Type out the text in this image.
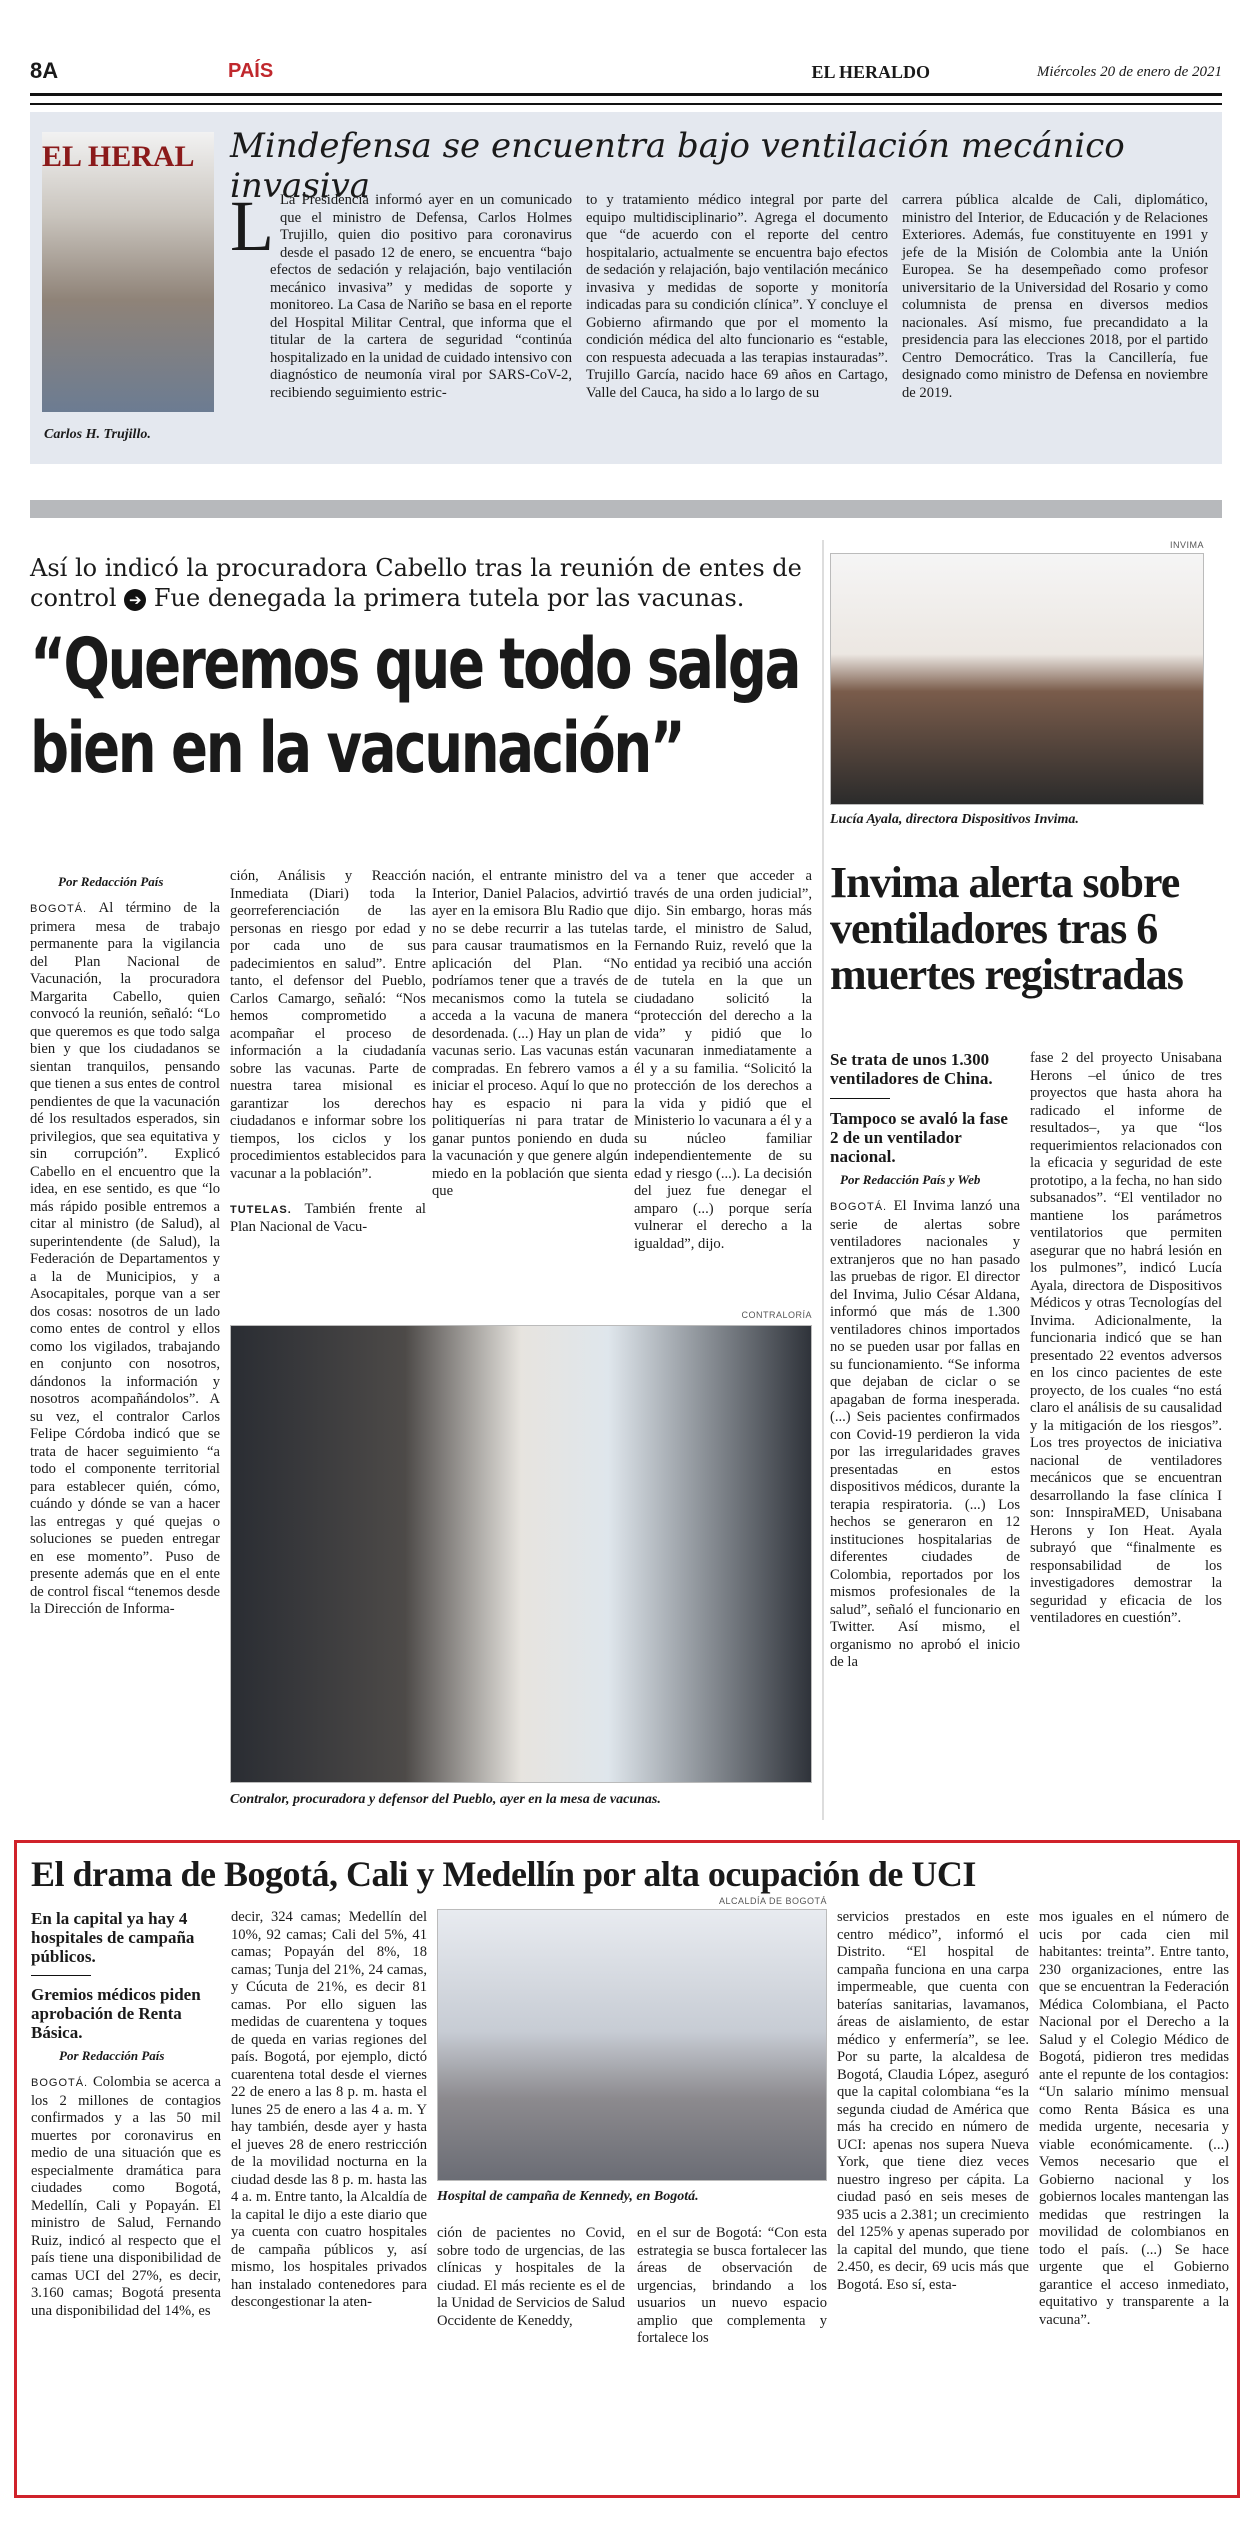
8A	PAÍS	EL HERALDO	Miércoles 20 de enero de 2021
EL HERAL
Carlos H. Trujillo.
Mindefensa se encuentra bajo ventilación mecánico invasiva
L La Presidencia informó ayer en un comunicado que el ministro de Defensa, Carlos Holmes Trujillo, quien dio positivo para coronavirus desde el pasado 12 de enero, se encuentra “bajo efectos de sedación y relajación, bajo ventilación mecánico invasiva” y medidas de soporte y monitoreo. La Casa de Nariño se basa en el reporte del Hospital Militar Central, que informa que el titular de la cartera de seguridad “continúa hospitalizado en la unidad de cuidado intensivo con diagnóstico de neumonía viral por SARS-CoV-2, recibiendo seguimiento estric-
to y tratamiento médico integral por parte del equipo multidisciplinario”. Agrega el documento que “de acuerdo con el reporte del centro hospitalario, actualmente se encuentra bajo efectos de sedación y relajación, bajo ventilación mecánico invasiva y medidas de soporte y monitoría indicadas para su condición clínica”. Y concluye el Gobierno afirmando que por el momento la condición médica del alto funcionario es “estable, con respuesta adecuada a las terapias instauradas”. Trujillo García, nacido hace 69 años en Cartago, Valle del Cauca, ha sido a lo largo de su
carrera pública alcalde de Cali, diplomático, ministro del Interior, de Educación y de Relaciones Exteriores. Además, fue constituyente en 1991 y jefe de la Misión de Colombia ante la Unión Europea. Se ha desempeñado como profesor universitario de la Universidad del Rosario y como columnista de prensa en diversos medios nacionales. Así mismo, fue precandidato a la presidencia para las elecciones 2018, por el partido Centro Democrático. Tras la Cancillería, fue designado como ministro de Defensa en noviembre de 2019.
Así lo indicó la procuradora Cabello tras la reunión de entes de
control ➔ Fue denegada la primera tutela por las vacunas.
“Queremos que todo salga bien en la vacunación”
Por Redacción País
BOGOTÁ. Al término de la primera mesa de trabajo permanente para la vigilancia del Plan Nacional de Vacunación, la procuradora Margarita Cabello, quien convocó la reunión, señaló: “Lo que queremos es que todo salga bien y que los ciudadanos se sientan tranquilos, pensando que tienen a sus entes de control pendientes de que la vacunación dé los resultados esperados, sin privilegios, que sea equitativa y sin corrupción”. Explicó Cabello en el encuentro que la idea, en ese sentido, es que “lo más rápido posible entremos a citar al ministro (de Salud), al superintendente (de Salud), la Federación de Departamentos y a la de Municipios, y a Asocapitales, porque van a ser dos cosas: nosotros de un lado como entes de control y ellos como los vigilados, trabajando en conjunto con nosotros, dándonos la información y nosotros acompañándolos”. A su vez, el contralor Carlos Felipe Córdoba indicó que se trata de hacer seguimiento “a todo el componente territorial para establecer quién, cómo, cuándo y dónde se van a hacer las entregas y qué quejas o soluciones se pueden entregar en ese momento”. Puso de presente además que en el ente de control fiscal “tenemos desde la Dirección de Informa-
ción, Análisis y Reacción Inmediata (Diari) toda la georreferenciación de las personas en riesgo por edad y por cada uno de sus padecimientos en salud”. Entre tanto, el defensor del Pueblo, Carlos Camargo, señaló: “Nos hemos comprometido a acompañar el proceso de información a la ciudadanía sobre las vacunas. Parte de nuestra tarea misional es garantizar los derechos ciudadanos e informar sobre los tiempos, los ciclos y los procedimientos establecidos para vacunar a la población”.

TUTELAS. También frente al Plan Nacional de Vacu-
nación, el entrante ministro del Interior, Daniel Palacios, advirtió ayer en la emisora Blu Radio que no se debe recurrir a las tutelas para causar traumatismos en la aplicación del Plan. “No podríamos tener que a través de mecanismos como la tutela se acceda a la vacuna de manera desordenada. (...) Hay un plan de vacunas serio. Las vacunas están compradas. En febrero vamos a iniciar el proceso. Aquí lo que no hay es espacio ni para politiquerías ni para tratar de ganar puntos poniendo en duda la vacunación y que genere algún miedo en la población que sienta que
va a tener que acceder a través de una orden judicial”, dijo. Sin embargo, horas más tarde, el ministro de Salud, Fernando Ruiz, reveló que la entidad ya recibió una acción de tutela en la que un ciudadano solicitó la “protección del derecho a la vida” y pidió que lo vacunaran inmediatamente a él y a su familia. “Solicitó la protección de los derechos a la vida y pidió que el Ministerio lo vacunara a él y a su núcleo familiar independientemente de su edad y riesgo (...). La decisión del juez fue denegar el amparo (...) porque sería vulnerar el derecho a la igualdad”, dijo.
CONTRALORÍA
Contralor, procuradora y defensor del Pueblo, ayer en la mesa de vacunas.
INVIMA
Lucía Ayala, directora Dispositivos Invima.
Invima alerta sobre ventiladores tras 6 muertes registradas
Se trata de unos 1.300 ventiladores de China.
Tampoco se avaló la fase 2 de un ventilador nacional.
Por Redacción País y Web
BOGOTÁ. El Invima lanzó una serie de alertas sobre ventiladores nacionales y extranjeros que no han pasado las pruebas de rigor. El director del Invima, Julio César Aldana, informó que más de 1.300 ventiladores chinos importados no se pueden usar por fallas en su funcionamiento. “Se informa que dejaban de ciclar o se apagaban de forma inesperada. (...) Seis pacientes confirmados con Covid-19 perdieron la vida por las irregularidades graves presentadas en estos dispositivos médicos, durante la terapia respiratoria. (...) Los hechos se generaron en 12 instituciones hospitalarias de diferentes ciudades de Colombia, reportados por los mismos profesionales de la salud”, señaló el funcionario en Twitter. Así mismo, el organismo no aprobó el inicio de la
fase 2 del proyecto Unisabana Herons –el único de tres proyectos que hasta ahora ha radicado el informe de resultados–, ya que “los requerimientos relacionados con la eficacia y seguridad de este prototipo, a la fecha, no han sido subsanados”. “El ventilador no mantiene los parámetros ventilatorios que permiten asegurar que no habrá lesión en los pulmones”, indicó Lucía Ayala, directora de Dispositivos Médicos y otras Tecnologías del Invima. Adicionalmente, la funcionaria indicó que se han presentado 22 eventos adversos en los cinco pacientes de este proyecto, de los cuales “no está claro el análisis de su causalidad y la mitigación de los riesgos”. Los tres proyectos de iniciativa nacional de ventiladores mecánicos que se encuentran desarrollando la fase clínica I son: InnspiraMED, Unisabana Herons y Ion Heat. Ayala subrayó que “finalmente es responsabilidad de los investigadores demostrar la seguridad y eficacia de los ventiladores en cuestión”.
El drama de Bogotá, Cali y Medellín por alta ocupación de UCI
En la capital ya hay 4 hospitales de campaña públicos.
Gremios médicos piden aprobación de Renta Básica.
Por Redacción País
BOGOTÁ. Colombia se acerca a los 2 millones de contagios confirmados y a las 50 mil muertes por coronavirus en medio de una situación que es especialmente dramática para ciudades como Bogotá, Medellín, Cali y Popayán. El ministro de Salud, Fernando Ruiz, indicó al respecto que el país tiene una disponibilidad de camas UCI del 27%, es decir, 3.160 camas; Bogotá presenta una disponibilidad del 14%, es
decir, 324 camas; Medellín del 10%, 92 camas; Cali del 5%, 41 camas; Popayán del 8%, 18 camas; Tunja del 21%, 24 camas, y Cúcuta de 21%, es decir 81 camas. Por ello siguen las medidas de cuarentena y toques de queda en varias regiones del país. Bogotá, por ejemplo, dictó cuarentena total desde el viernes 22 de enero a las 8 p. m. hasta el lunes 25 de enero a las 4 a. m. Y hay también, desde ayer y hasta el jueves 28 de enero restricción de la movilidad nocturna en la ciudad desde las 8 p. m. hasta las 4 a. m. Entre tanto, la Alcaldía de la capital le dijo a este diario que ya cuenta con cuatro hospitales de campaña públicos y, así mismo, los hospitales privados han instalado contenedores para descongestionar la aten-
ALCALDÍA DE BOGOTÁ
Hospital de campaña de Kennedy, en Bogotá.
ción de pacientes no Covid, sobre todo de urgencias, de las clínicas y hospitales de la ciudad. El más reciente es el de la Unidad de Servicios de Salud Occidente de Keneddy,
en el sur de Bogotá: “Con esta estrategia se busca fortalecer las áreas de observación de urgencias, brindando a los usuarios un nuevo espacio amplio que complementa y fortalece los
servicios prestados en este centro médico”, informó el Distrito. “El hospital de campaña funciona en una carpa impermeable, que cuenta con baterías sanitarias, lavamanos, áreas de aislamiento, de estar médico y enfermería”, se lee. Por su parte, la alcaldesa de Bogotá, Claudia López, aseguró que la capital colombiana “es la segunda ciudad de América que más ha crecido en número de UCI: apenas nos supera Nueva York, que tiene diez veces nuestro ingreso per cápita. La ciudad pasó en seis meses de 935 ucis a 2.381; un crecimiento del 125% y apenas superado por la capital del mundo, que tiene 2.450, es decir, 69 ucis más que Bogotá. Eso sí, esta-
mos iguales en el número de ucis por cada cien mil habitantes: treinta”. Entre tanto, 230 organizaciones, entre las que se encuentran la Federación Médica Colombiana, el Pacto Nacional por el Derecho a la Salud y el Colegio Médico de Bogotá, pidieron tres medidas ante el repunte de los contagios: “Un salario mínimo mensual como Renta Básica es una medida urgente, necesaria y viable económicamente. (...) Vemos necesario que el Gobierno nacional y los gobiernos locales mantengan las medidas que restringen la movilidad de colombianos en todo el país. (...) Se hace urgente que el Gobierno garantice el acceso inmediato, equitativo y transparente a la vacuna”.
